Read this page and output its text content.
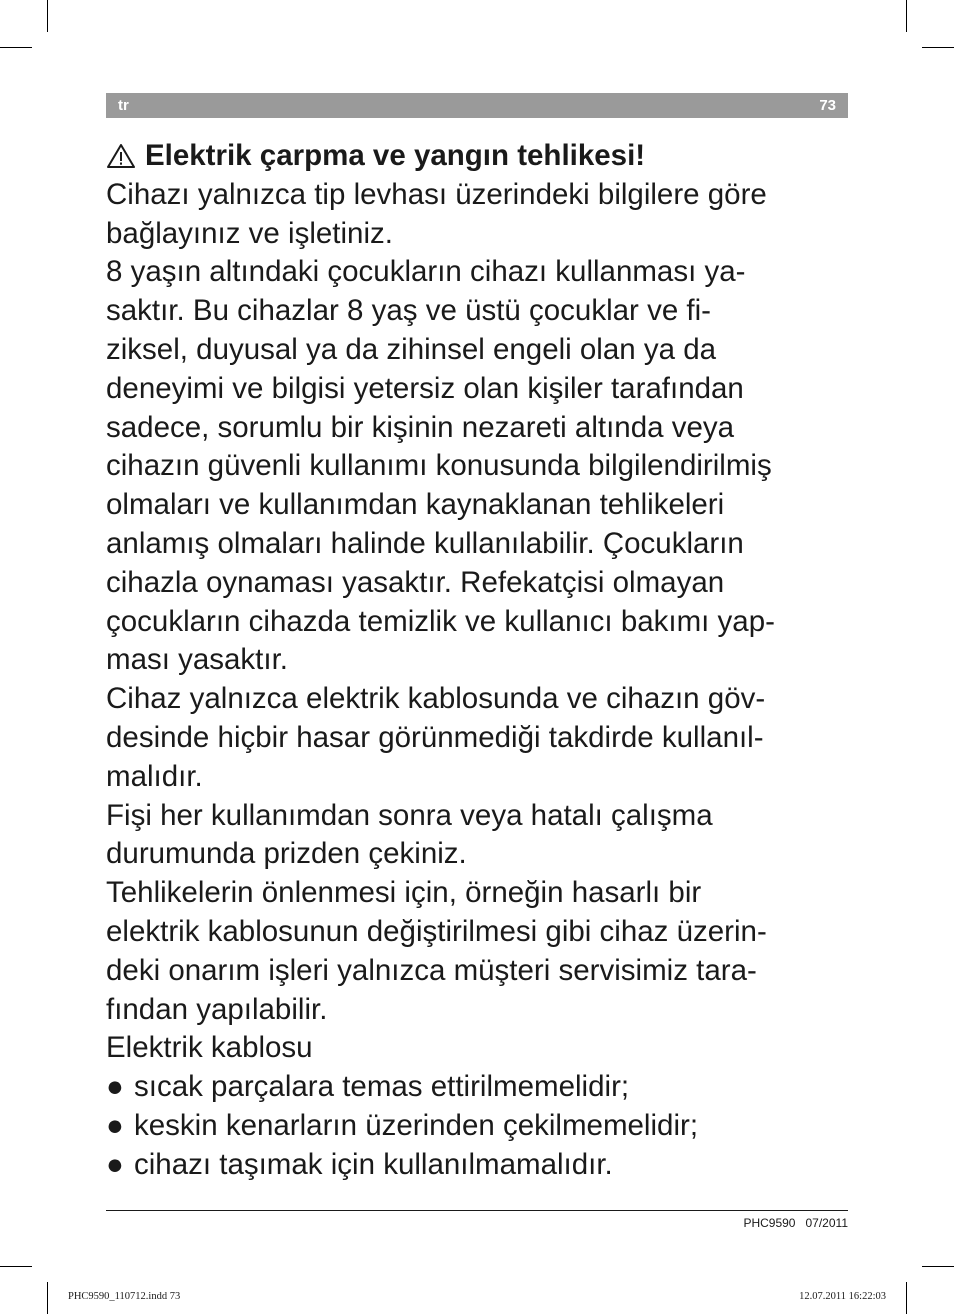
tr	73

Elektrik çarpma ve yangın tehlikesi!

Cihazı yalnızca tip levhası üzerindeki bilgilere göre

bağlayınız ve işletiniz.

8 yaşın altındaki çocukların cihazı kullanması ya-

saktır. Bu cihazlar 8 yaş ve üstü çocuklar ve fi-

ziksel, duyusal ya da zihinsel engeli olan ya da

deneyimi ve bilgisi yetersiz olan kişiler tarafından

sadece, sorumlu bir kişinin nezareti altında veya

cihazın güvenli kullanımı konusunda bilgilendirilmiş

olmaları ve kullanımdan kaynaklanan tehlikeleri

anlamış olmaları halinde kullanılabilir. Çocukların

cihazla oynaması yasaktır. Refekatçisi olmayan

çocukların cihazda temizlik ve kullanıcı bakımı yap-

ması yasaktır.

Cihaz yalnızca elektrik kablosunda ve cihazın göv-

desinde hiçbir hasar görünmediği takdirde kullanıl-

malıdır.

Fişi her kullanımdan sonra veya hatalı çalışma

durumunda prizden çekiniz.

Tehlikelerin önlenmesi için, örneğin hasarlı bir

elektrik kablosunun değiştirilmesi gibi cihaz üzerin-

deki onarım işleri yalnızca müşteri servisimiz tara-

fından yapılabilir.

Elektrik kablosu

● sıcak parçalara temas ettirilmemelidir;

● keskin kenarların üzerinden çekilmemelidir;

● cihazı taşımak için kullanılmamalıdır.

PHC9590 07/2011
PHC9590_110712.indd 73	12.07.2011 16:22:03
